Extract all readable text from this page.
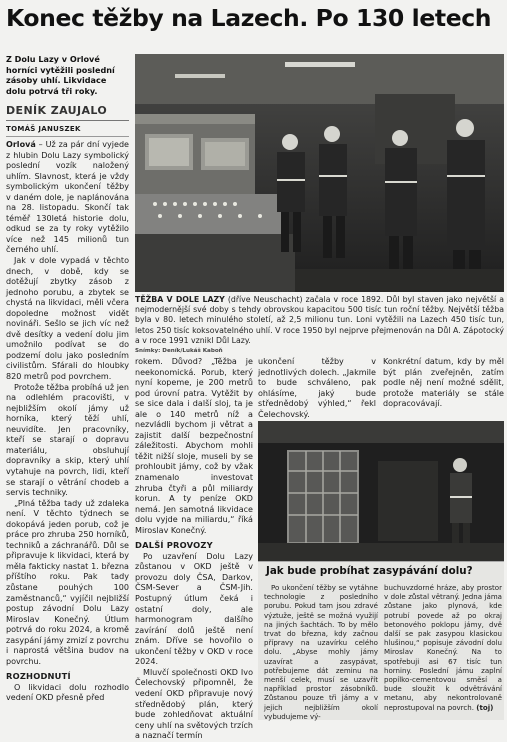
Konec těžby na Lazech. Po 130 letech
Z Dolu Lazy v Orlové horníci vytěžili poslední zásoby uhlí. Likvidace dolu potrvá tři roky.
DENÍK ZAUJALO
TOMÁŠ JANUSZEK

Orlová – Už za pár dní vyjede z hlubin Dolu Lazy symbolický poslední vozík naložený uhlím. Slavnost, která je vždy symbolickým ukončení těžby v daném dole, je naplánována na 28. listopadu. Skončí tak téměř 130letá historie dolu, odkud se za ty roky vytěžilo více než 145 milionů tun černého uhlí.

Jak v dole vypadá v těchto dnech, v době, kdy se dotěžují zbytky zásob z jednoho porubu, a zbytek se chystá na likvidaci, měli včera dopoledne možnost vidět novináři. Sešlo se jich víc než dvě desítky a vedení dolu jim umožnilo podívat se do podzemí dolu jako posledním civilistům. Sfárali do hloubky 820 metrů pod povrchem.

Protože těžba probíhá už jen na odlehlém pracovišti, v nejbližším okolí jámy už horníka, který těží uhlí, neuvidíte. Jen pracovníky, kteří se starají o dopravu materiálu, obsluhují dopravníky a skip, který uhlí vytahuje na povrch, lidi, kteří se starají o větrání chodeb a servis techniky.

„Plná těžba tady už zdaleka není. V těchto týdnech se dokopává jeden porub, což je práce pro zhruba 250 horníků, techniků a záchranářů. Důl se připravuje k likvidaci, která by měla fakticky nastat 1. března příštího roku. Pak tady zůstane pouhých 100 zaměstnanců,“ vyjíčil nejbližší postup závodní Dolu Lazy Miroslav Konečný. Útlum potrvá do roku 2024, a kromě zasypání jámy zmizí z povrchu i naprostá většina budov na povrchu.

ROZHODNUTÍ

O likvidaci dolu rozhodlo vedení OKD přesně před

TĚŽBA V DOLE LAZY (dříve Neuschacht) začala v roce 1892. Důl byl staven jako největší a nejmodernější své doby s tehdy obrovskou kapacitou 500 tisíc tun roční těžby. Největší těžba byla v 80. letech minulého století, až 2,5 milionu tun. Loni vytěžili na Lazech 450 tisíc tun, letos 250 tisíc koksovatelného uhlí. V roce 1950 byl nejprve přejmenován na Důl A. Zápotocký a v roce 1991 vznikl Důl Lazy.
Snímky: Deník/Lukáš Kaboň

rokem. Důvod? „Těžba je neekonomická. Porub, který nyní kopeme, je 200 metrů pod úrovní patra. Vytěžit by se sice dala i další sloj, ta je ale o 140 metrů níž a nezvládli bychom ji větrat a zajistit další bezpečnostní záležitosti. Abychom mohli těžit nižší sloje, museli by se prohloubit jámy, což by vžak znamenalo investovat zhruba čtyři a půl miliardy korun. A ty peníze OKD nemá. Jen samotná likvidace dolu vyjde na miliardu,“ říká Miroslav Konečný.

DALŠÍ PROVOZY

Po uzavření Dolu Lazy zůstanou v OKD ještě v provozu doly ČSA, Darkov, ČSM-Sever a ČSM-Jih. Postupný útlum čeká i ostatní doly, ale harmonogram dalšího zavírání dolů ještě není znám. Dříve se hovořilo o ukončení těžby v OKD v roce 2024.

Mluvčí společnosti OKD Ivo Čelechovský připomněl, že vedení OKD připravuje nový střednědobý plán, který bude zohledňovat aktuální ceny uhlí na světových trzích a naznačí termín

ukončení těžby v jednotlivých dolech. „Jakmile to bude schváleno, pak ohlásíme, jaký bude střednědobý výhled,“ řekl Čelechovský.

Konkrétní datum, kdy by měl být plán zveřejněn, zatím podle něj není možné sdělit, protože materiály se stále dopracovávají.

Jak bude probíhat zasypávání dolu?

Po ukončení těžby se vytáhne technologie z posledního porubu. Pokud tam jsou zdravé výztuže, ještě se možná využijí na jiných šachtách. To by mělo trvat do března, kdy začnou přípravy na uzavírku celého dolu. „Abyse mohly jámy uzavírat a zasypávat, potřebujeme dát zeminu na menší celek, musí se uzavřít například prostor zásobníků. Zůstanou pouze tři jámy a v jejich nejbližším okolí vybudujeme vý-

buchuvzdorné hráze, aby prostor v dole zůstal větraný. Jedna jáma zůstane jako plynová, kde potrubí povede až po okraj betonového poklopu jámy, dvě další se pak zasypou klasickou hlušinou,“ popisuje závodní dolu Miroslav Konečný. Na to spotřebuji asi 67 tisíc tun horniny. Poslední jámu zaplní popílko-cementovou směsí a bude sloužit k odvětrávání metanu, aby nekontrolovaně neprostupoval na povrch. (toj)
